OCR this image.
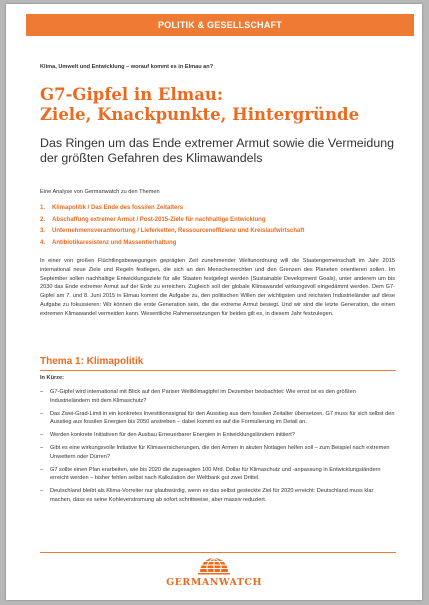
POLITIK & GESELLSCHAFT
Klima, Umwelt und Entwicklung – worauf kommt es in Elmau an?
G7-Gipfel in Elmau:
Ziele, Knackpunkte, Hintergründe
Das Ringen um das Ende extremer Armut sowie die Vermeidung der größten Gefahren des Klimawandels
Eine Analyse von Germanwatch zu den Themen
1. Klimapolitik / Das Ende des fossilen Zeitalters
2. Abschaffung extremer Armut / Post-2015-Ziele für nachhaltige Entwicklung
3. Unternehmensverantwortung / Lieferketten, Ressourceneffizienz und Kreislaufwirtschaft
4. Antibiotikaresistenz und Massentierhaltung

In einer von großen Flüchtlingsbewegungen geprägten Zeit zunehmender Weltunordnung will die Staatengemeinschaft im Jahr 2015 international neue Ziele und Regeln festlegen, die sich an den Menschenrechten und den Grenzen des Planeten orientieren sollen. Im September sollen nachhaltige Entwicklungsziele für alle Staaten festgelegt werden (Sustainable Development Goals), unter anderem um bis 2030 das Ende extremer Armut auf der Erde zu erreichen. Zugleich soll der globale Klimawandel wirkungsvoll eingedämmt werden. Dem G7-Gipfel am 7. und 8. Juni 2015 in Elmau kommt die Aufgabe zu, den politischen Willen der wichtigsten und reichsten Industrieländer auf diese Aufgabe zu fokussieren: Wir können die erste Generation sein, die die extreme Armut besiegt. Und wir sind die letzte Generation, die einen extremen Klimawandel vermeiden kann. Wesentliche Rahmensetzungen für beides gilt es, in diesem Jahr festzulegen.

Thema 1: Klimapolitik
In Kürze:
– G7-Gipfel wird international mit Blick auf den Pariser Weltklimagipfel im Dezember beobachtet: Wie ernst ist es den größten Industrieländern mit dem Klimaschutz?
– Das Zwei-Grad-Limit in ein konkretes Investitionssignal für den Ausstieg aus dem fossilen Zeitalter übersetzen. G7 muss für sich selbst den Ausstieg aus fossilen Energien bis 2050 anstreben – dabei kommt es auf die Formulierung im Detail an.
– Werden konkrete Initiativen für den Ausbau Erneuerbarer Energien in Entwicklungsländern initiiert?
– Gibt es eine wirkungsvolle Initiative für Klimaversicherungen, die den Armen in akuten Notlagen helfen soll – zum Beispiel nach extremen Unwettern oder Dürren?
– G7 sollte einen Plan erarbeiten, wie bis 2020 die zugesagten 100 Mrd. Dollar für Klimaschutz und -anpassung in Entwicklungsländern erreicht werden – bisher fehlen selbst nach Kalkulation der Weltbank gut zwei Drittel.
– Deutschland bleibt als Klima-Vorreiter nur glaubwürdig, wenn es das selbst gesteckte Ziel für 2020 erreicht: Deutschland muss klar machen, dass es seine Kohleverstromung ab sofort schrittweise, aber massiv reduziert.
GERMANWATCH
